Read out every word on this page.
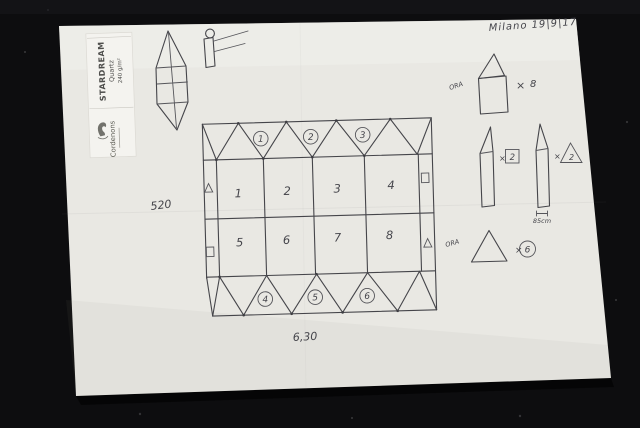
STARDREAM Quartz 240 g/m²
Cordenons
Milano 19|9|17
1	2	3
4	5	6
1	2	3	4
5	6	7	8
520
6,30
ORA	× 8
× 2	× 2
85cm
ORA
× 6
